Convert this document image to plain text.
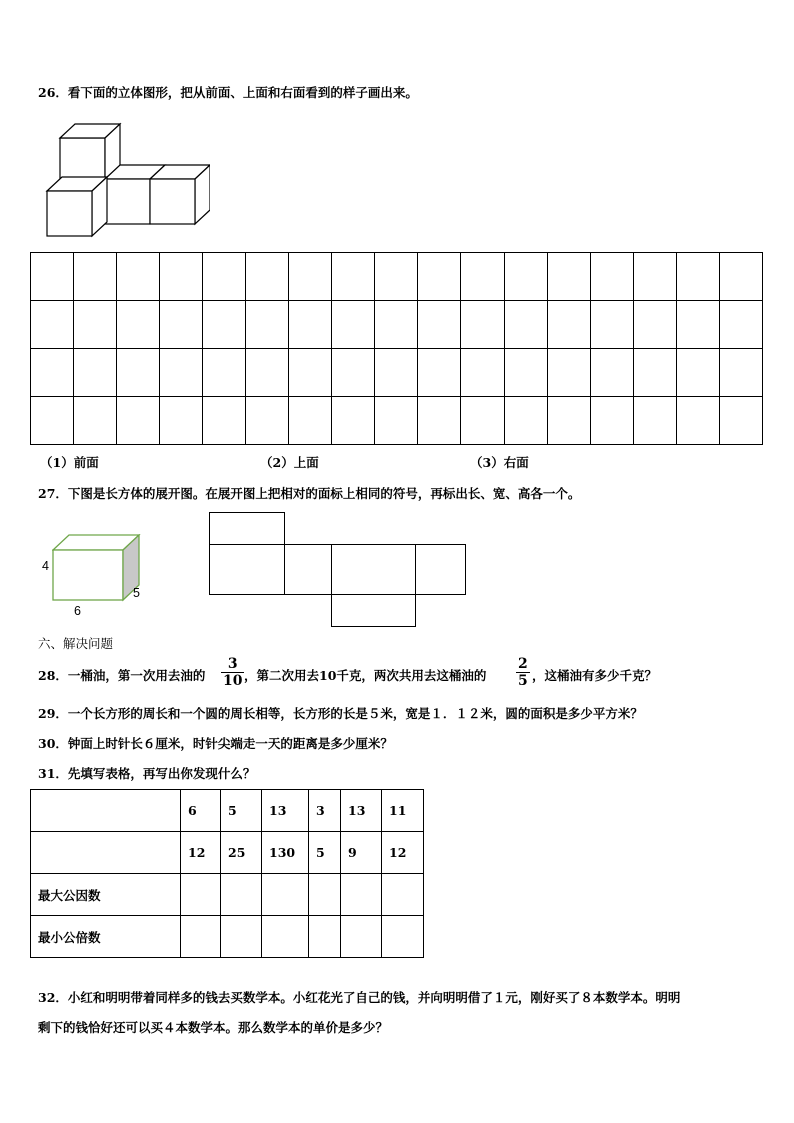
26．看下面的立体图形，把从前面、上面和右面看到的样子画出来。

（1）前面	（2）上面	（3）右面
27．下图是长方体的展开图。在展开图上把相对的面标上相同的符号，再标出长、宽、高各一个。
4
6
5
六、解决问题
28．一桶油，第一次用去油的
3
10 ，第二次用去10千克，两次共用去这桶油的
2
5 ，这桶油有多少千克？
29．一个长方形的周长和一个圆的周长相等，长方形的长是５米，宽是１．１２米，圆的面积是多少平方米？
30．钟面上时针长６厘米，时针尖端走一天的距离是多少厘米？
31．先填写表格，再写出你发现什么？
	6	5	13	3	13	11
	12	25	130	5	9	12
最大公因数						
最小公倍数						
32．小红和明明带着同样多的钱去买数学本。小红花光了自己的钱，并向明明借了１元，刚好买了８本数学本。明明
剩下的钱恰好还可以买４本数学本。那么数学本的单价是多少？
